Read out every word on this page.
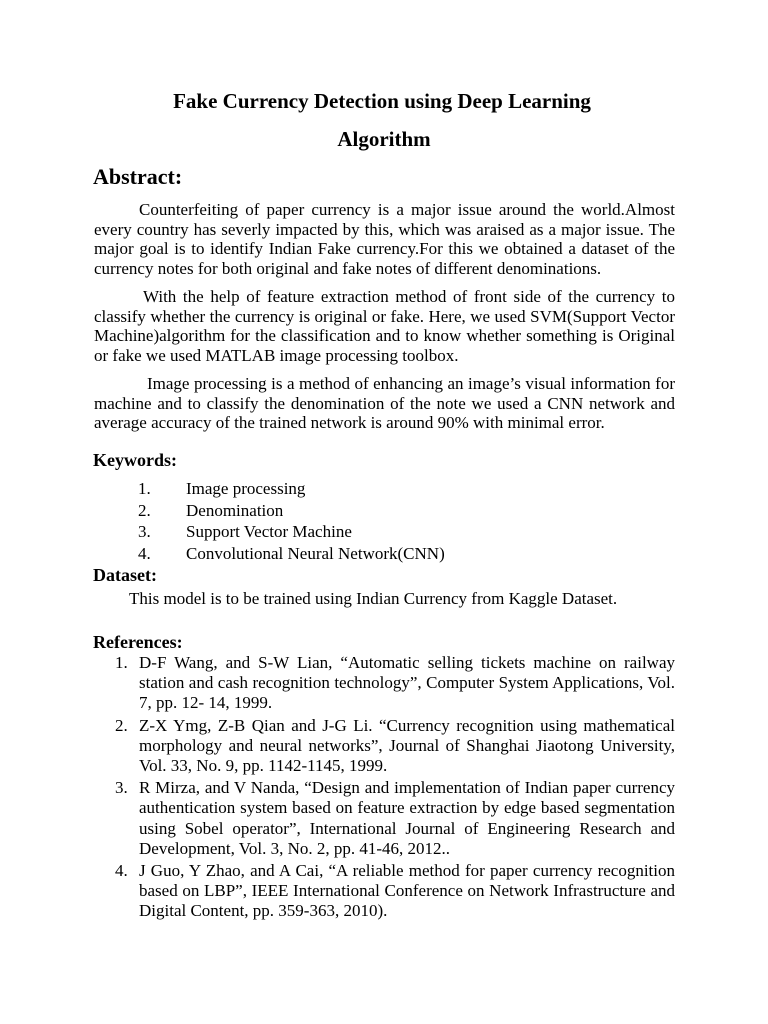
Fake Currency Detection using Deep Learning
Algorithm
Abstract:

Counterfeiting of paper currency is a major issue around the world.Almost every country has severly impacted by this, which was araised as a major issue. The major goal is to identify Indian Fake currency.For this we obtained a dataset of the currency notes for both original and fake notes of different denominations.

With the help of feature extraction method of front side of the currency to classify whether the currency is original or fake. Here, we used SVM(Support Vector Machine)algorithm for the classification and to know whether something is Original or fake we used MATLAB image processing toolbox.

Image processing is a method of enhancing an image’s visual information for machine and to classify the denomination of the note we used a CNN network and average accuracy of the trained network is around 90% with minimal error.

Keywords:
1. Image processing
2. Denomination
3. Support Vector Machine
4. Convolutional Neural Network(CNN)
Dataset:
This model is to be trained using Indian Currency from Kaggle Dataset.
References:
1. D-F Wang, and S-W Lian, “Automatic selling tickets machine on railway station and cash recognition technology”, Computer System Applications, Vol. 7, pp. 12- 14, 1999.
2. Z-X Ymg, Z-B Qian and J-G Li. “Currency recognition using mathematical morphology and neural networks”, Journal of Shanghai Jiaotong University, Vol. 33, No. 9, pp. 1142-1145, 1999.
3. R Mirza, and V Nanda, “Design and implementation of Indian paper currency authentication system based on feature extraction by edge based segmentation using Sobel operator”, International Journal of Engineering Research and Development, Vol. 3, No. 2, pp. 41-46, 2012..
4. J Guo, Y Zhao, and A Cai, “A reliable method for paper currency recognition based on LBP”, IEEE International Conference on Network Infrastructure and Digital Content, pp. 359-363, 2010).
